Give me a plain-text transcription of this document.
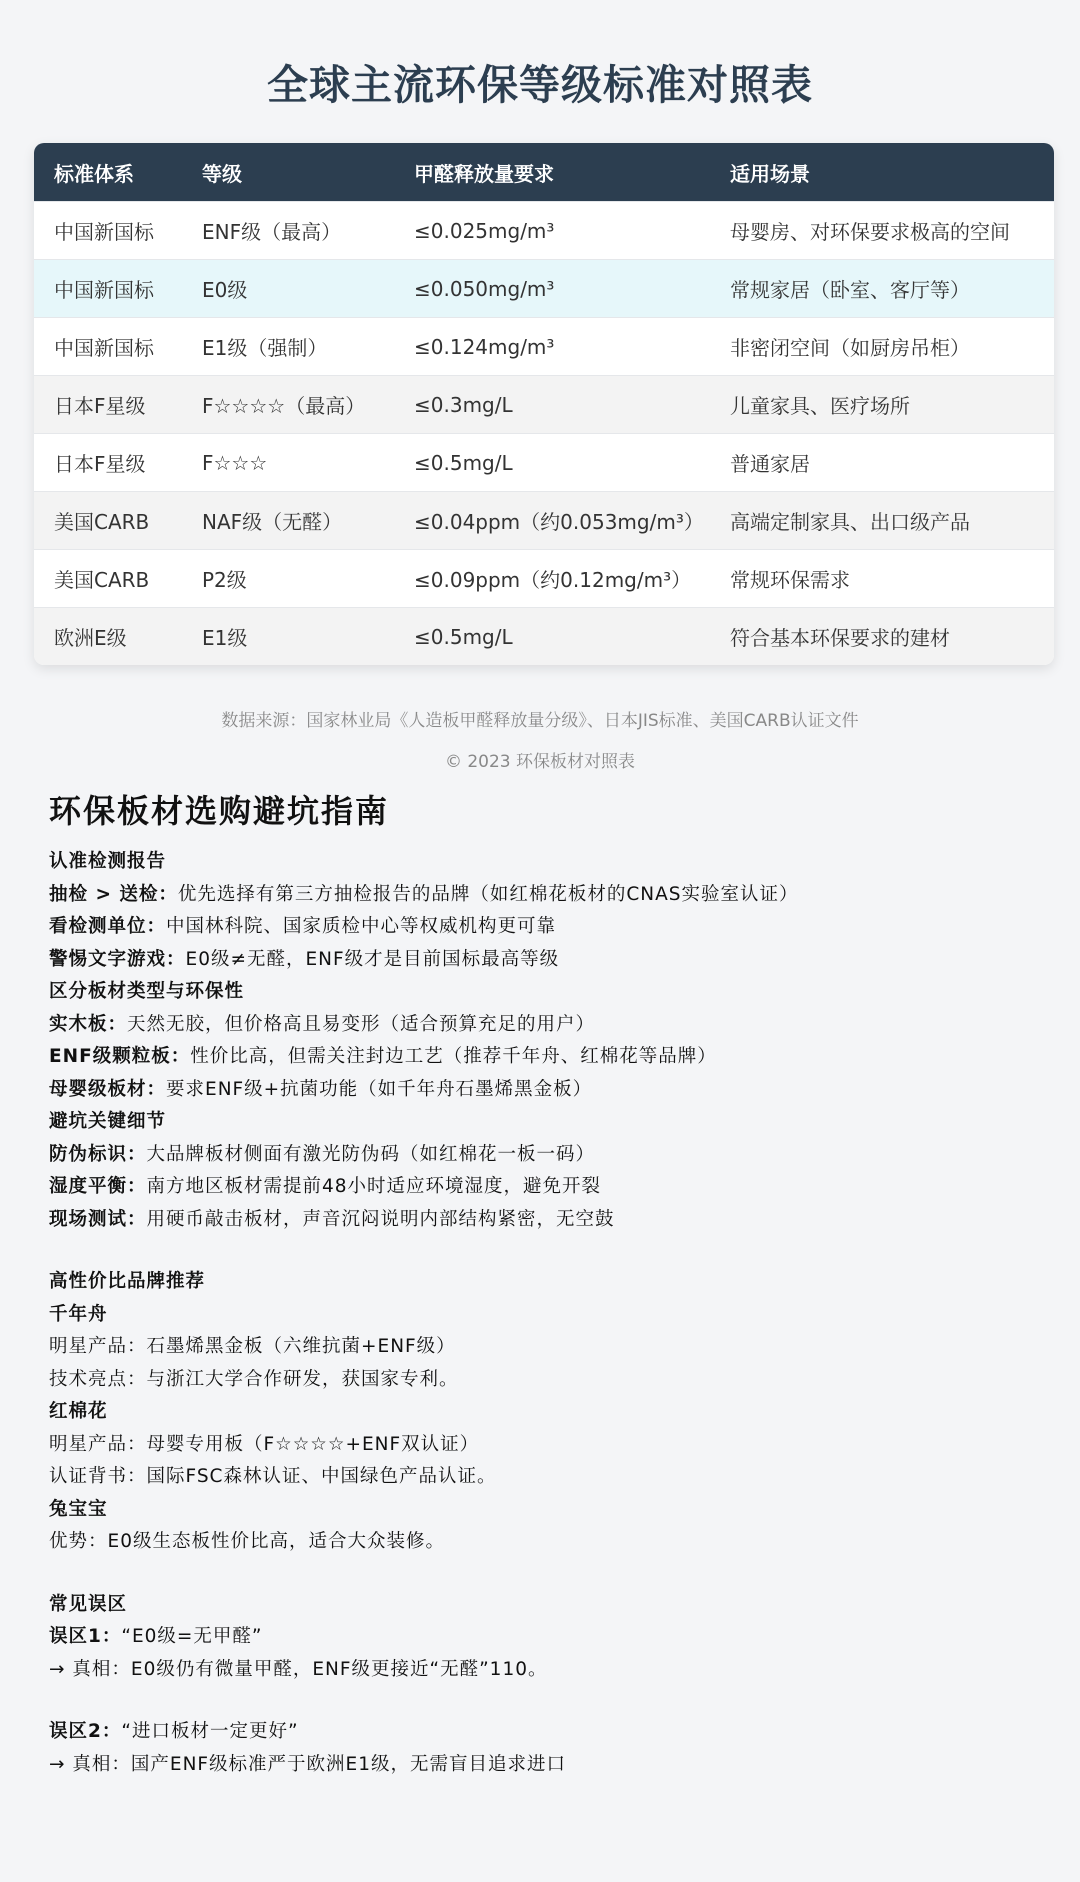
全球主流环保等级标准对照表
标准体系	等级	甲醛释放量要求	适用场景
中国新国标	ENF级（最高）	≤0.025mg/m³	母婴房、对环保要求极高的空间
中国新国标	E0级	≤0.050mg/m³	常规家居（卧室、客厅等）
中国新国标	E1级（强制）	≤0.124mg/m³	非密闭空间（如厨房吊柜）
日本F星级	F☆☆☆☆（最高）	≤0.3mg/L	儿童家具、医疗场所
日本F星级	F☆☆☆	≤0.5mg/L	普通家居
美国CARB	NAF级（无醛）	≤0.04ppm（约0.053mg/m³）	高端定制家具、出口级产品
美国CARB	P2级	≤0.09ppm（约0.12mg/m³）	常规环保需求
欧洲E级	E1级	≤0.5mg/L	符合基本环保要求的建材
数据来源：国家林业局《人造板甲醛释放量分级》、日本JIS标准、美国CARB认证文件
© 2023 环保板材对照表
环保板材选购避坑指南
认准检测报告
抽检 > 送检：优先选择有第三方抽检报告的品牌（如红棉花板材的CNAS实验室认证）
看检测单位：中国林科院、国家质检中心等权威机构更可靠
警惕文字游戏：E0级≠无醛，ENF级才是目前国标最高等级
区分板材类型与环保性
实木板：天然无胶，但价格高且易变形（适合预算充足的用户）
ENF级颗粒板：性价比高，但需关注封边工艺（推荐千年舟、红棉花等品牌）
母婴级板材：要求ENF级+抗菌功能（如千年舟石墨烯黑金板）
避坑关键细节
防伪标识：大品牌板材侧面有激光防伪码（如红棉花一板一码）
湿度平衡：南方地区板材需提前48小时适应环境湿度，避免开裂
现场测试：用硬币敲击板材，声音沉闷说明内部结构紧密，无空鼓
高性价比品牌推荐
千年舟
明星产品：石墨烯黑金板（六维抗菌+ENF级）
技术亮点：与浙江大学合作研发，获国家专利。
红棉花
明星产品：母婴专用板（F☆☆☆☆+ENF双认证）
认证背书：国际FSC森林认证、中国绿色产品认证。
兔宝宝
优势：E0级生态板性价比高，适合大众装修。
常见误区
误区1：“E0级=无甲醛”
→ 真相：E0级仍有微量甲醛，ENF级更接近“无醛”110。
误区2：“进口板材一定更好”
→ 真相：国产ENF级标准严于欧洲E1级，无需盲目追求进口
